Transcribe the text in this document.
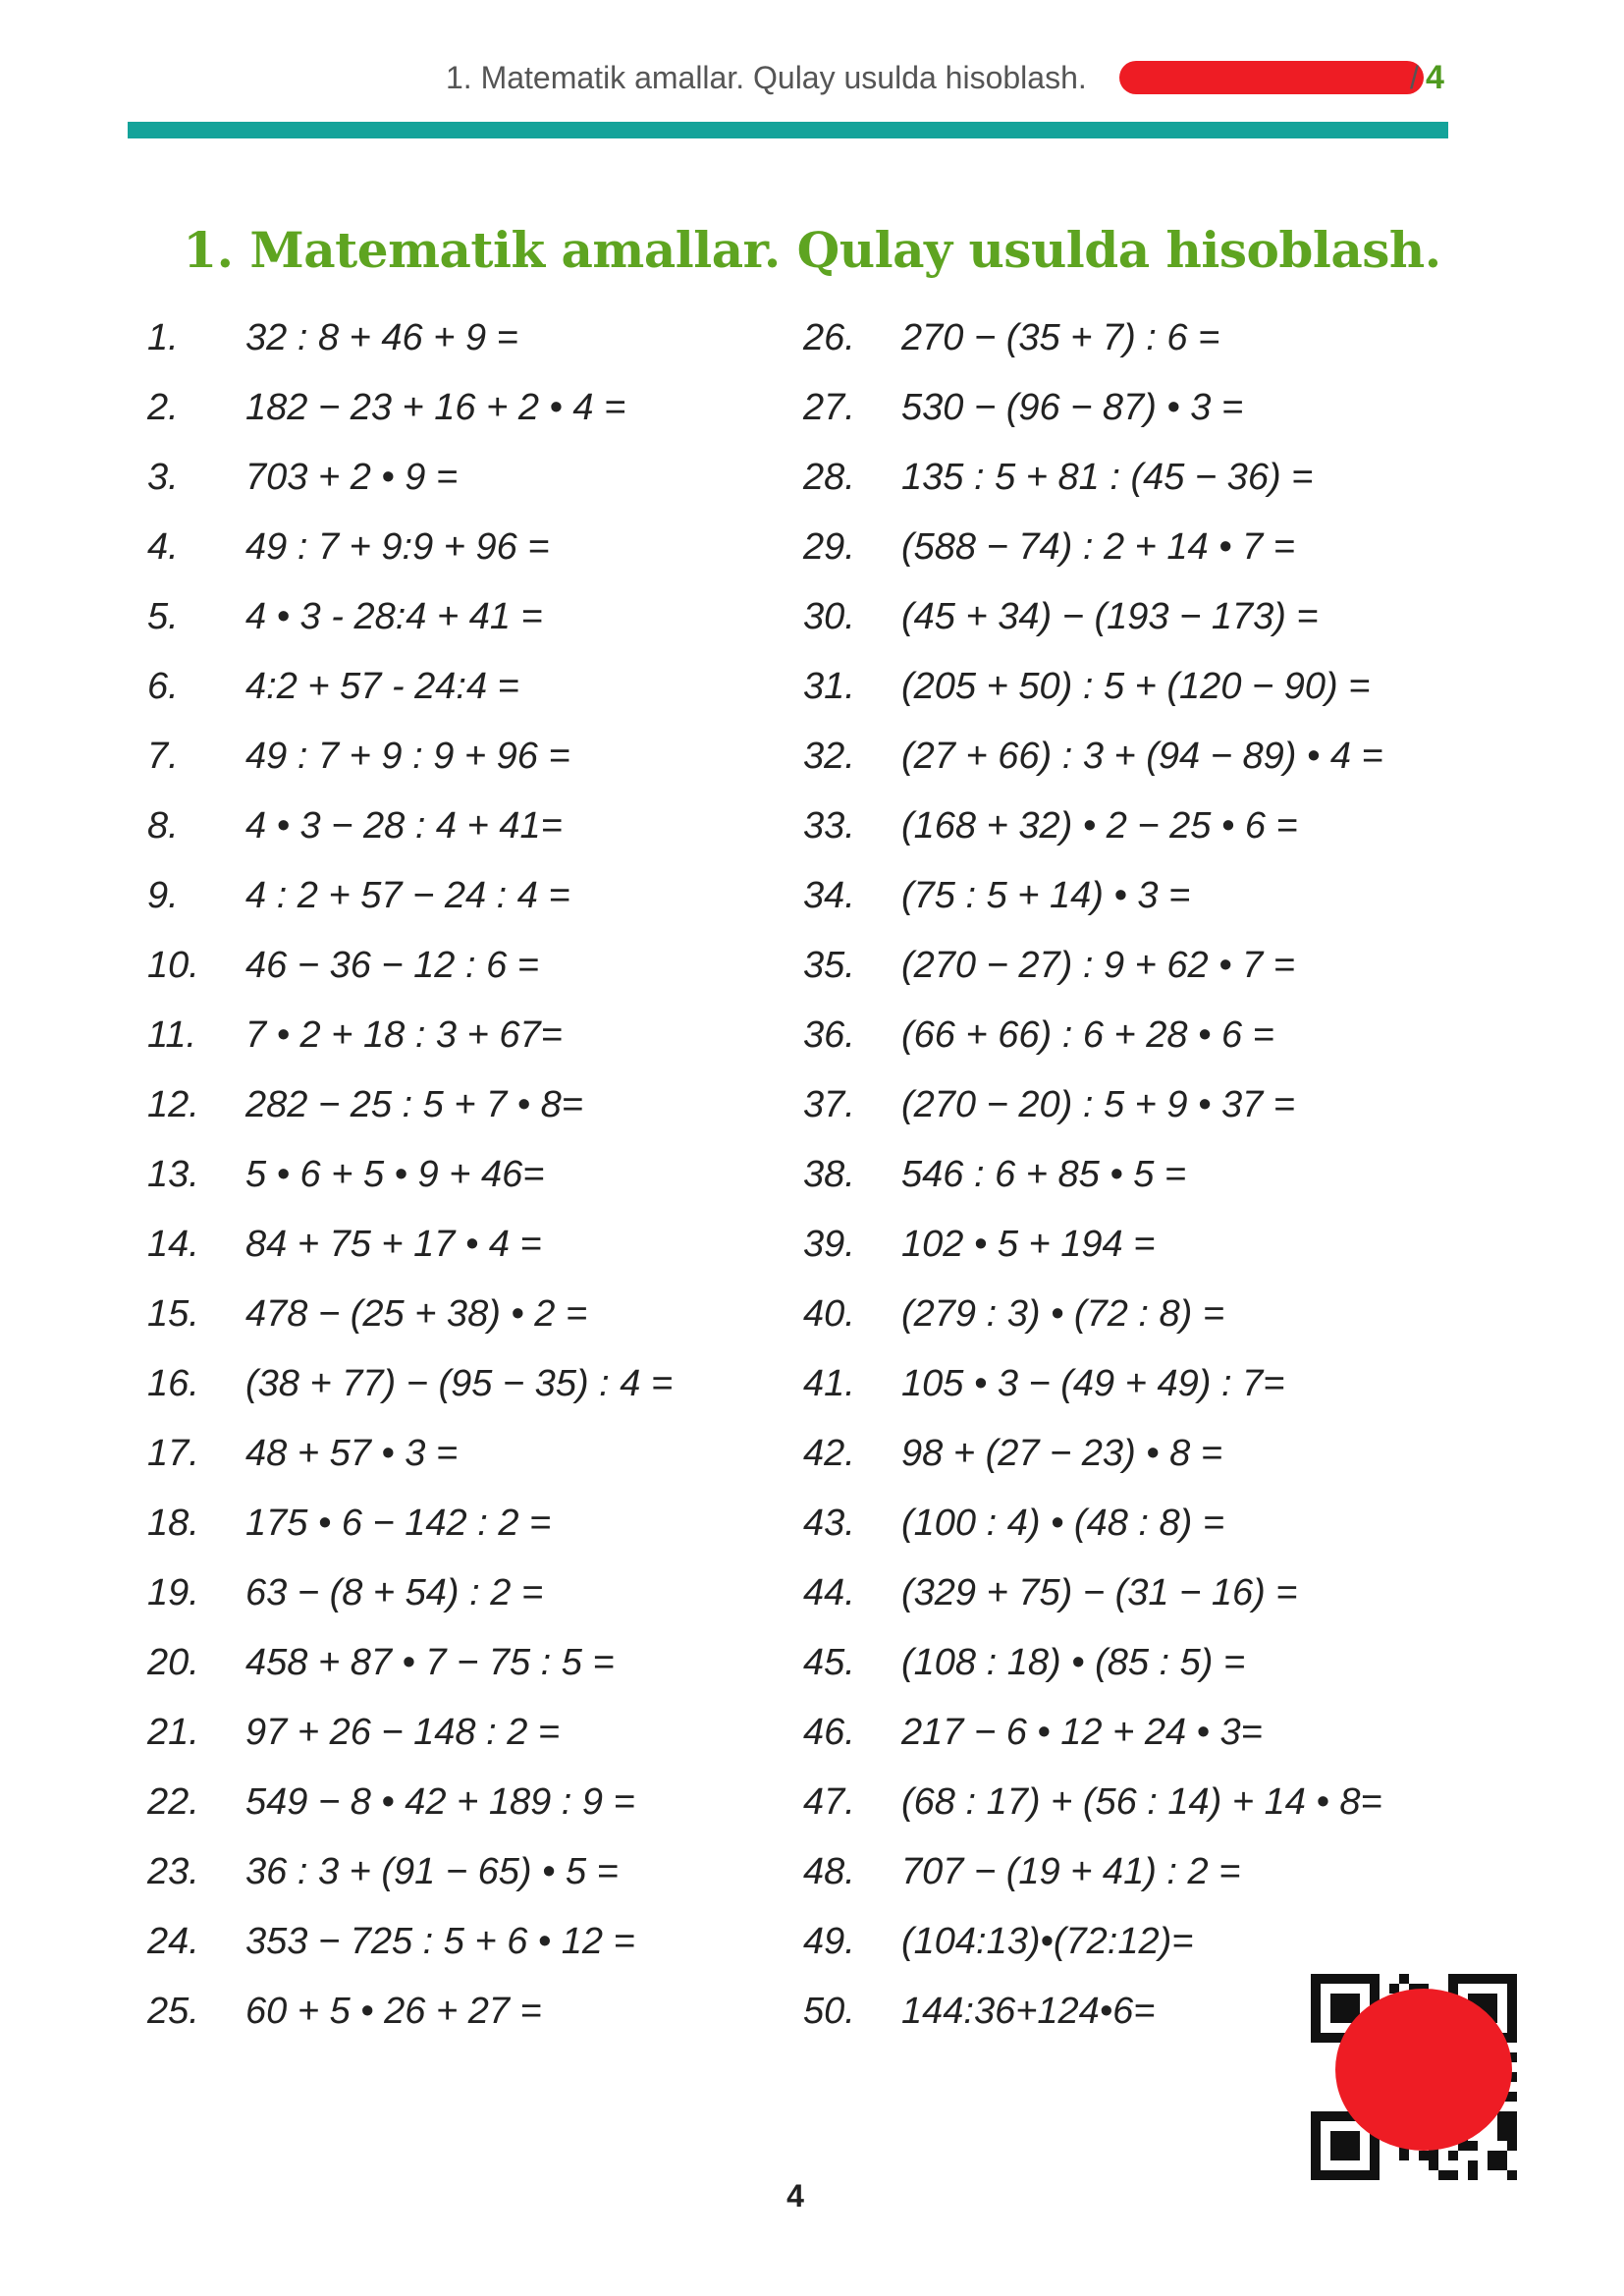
1. Matematik amallar. Qulay usulda hisoblash.	/ 4
1. Matematik amallar. Qulay usulda hisoblash.
1. 32 : 8 + 46 + 9 =
2. 182 − 23 + 16 + 2 • 4 =
3. 703 + 2 • 9 =
4. 49 : 7 + 9:9 + 96 =
5. 4 • 3 - 28:4 + 41 =
6. 4:2 + 57 - 24:4 =
7. 49 : 7 + 9 : 9 + 96 =
8. 4 • 3 − 28 : 4 + 41=
9. 4 : 2 + 57 − 24 : 4 =
10. 46 − 36 − 12 : 6 =
11. 7 • 2 + 18 : 3 + 67=
12. 282 − 25 : 5 + 7 • 8=
13. 5 • 6 + 5 • 9 + 46=
14. 84 + 75 + 17 • 4 =
15. 478 − (25 + 38) • 2 =
16. (38 + 77) − (95 − 35) : 4 =
17. 48 + 57 • 3 =
18. 175 • 6 − 142 : 2 =
19. 63 − (8 + 54) : 2 =
20. 458 + 87 • 7 − 75 : 5 =
21. 97 + 26 − 148 : 2 =
22. 549 − 8 • 42 + 189 : 9 =
23. 36 : 3 + (91 − 65) • 5 =
24. 353 − 725 : 5 + 6 • 12 =
25. 60 + 5 • 26 + 27 =
26. 270 − (35 + 7) : 6 =
27. 530 − (96 − 87) • 3 =
28. 135 : 5 + 81 : (45 − 36) =
29. (588 − 74) : 2 + 14 • 7 =
30. (45 + 34) − (193 − 173) =
31. (205 + 50) : 5 + (120 − 90) =
32. (27 + 66) : 3 + (94 − 89) • 4 =
33. (168 + 32) • 2 − 25 • 6 =
34. (75 : 5 + 14) • 3 =
35. (270 − 27) : 9 + 62 • 7 =
36. (66 + 66) : 6 + 28 • 6 =
37. (270 − 20) : 5 + 9 • 37 =
38. 546 : 6 + 85 • 5 =
39. 102 • 5 + 194 =
40. (279 : 3) • (72 : 8) =
41. 105 • 3 − (49 + 49) : 7=
42. 98 + (27 − 23) • 8 =
43. (100 : 4) • (48 : 8) =
44. (329 + 75) − (31 − 16) =
45. (108 : 18) • (85 : 5) =
46. 217 − 6 • 12 + 24 • 3=
47. (68 : 17) + (56 : 14) + 14 • 8=
48. 707 − (19 + 41) : 2 =
49. (104:13)•(72:12)=
50. 144:36+124•6=
4
